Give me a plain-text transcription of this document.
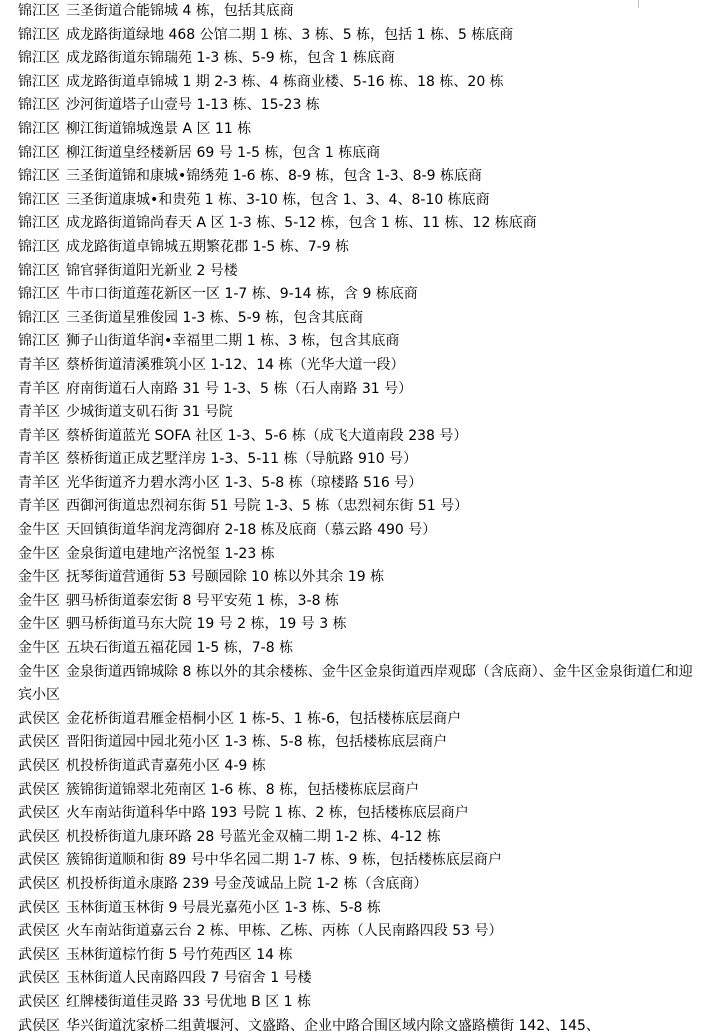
锦江区 三圣街道合能锦城 4 栋，包括其底商
锦江区 成龙路街道绿地 468 公馆二期 1 栋、3 栋、5 栋，包括 1 栋、5 栋底商
锦江区 成龙路街道东锦瑞苑 1-3 栋、5-9 栋，包含 1 栋底商
锦江区 成龙路街道卓锦城 1 期 2-3 栋、4 栋商业楼、5-16 栋、18 栋、20 栋
锦江区 沙河街道塔子山壹号 1-13 栋、15-23 栋
锦江区 柳江街道锦城逸景 A 区 11 栋
锦江区 柳江街道皇经楼新居 69 号 1-5 栋，包含 1 栋底商
锦江区 三圣街道锦和康城•锦绣苑 1-6 栋、8-9 栋，包含 1-3、8-9 栋底商
锦江区 三圣街道康城•和贵苑 1 栋、3-10 栋，包含 1、3、4、8-10 栋底商
锦江区 成龙路街道锦尚春天 A 区 1-3 栋、5-12 栋，包含 1 栋、11 栋、12 栋底商
锦江区 成龙路街道卓锦城五期繁花郡 1-5 栋、7-9 栋
锦江区 锦官驿街道阳光新业 2 号楼
锦江区 牛市口街道莲花新区一区 1-7 栋、9-14 栋，含 9 栋底商
锦江区 三圣街道星雅俊园 1-3 栋、5-9 栋，包含其底商
锦江区 狮子山街道华润•幸福里二期 1 栋、3 栋，包含其底商
青羊区 蔡桥街道清溪雅筑小区 1-12、14 栋（光华大道一段）
青羊区 府南街道石人南路 31 号 1-3、5 栋（石人南路 31 号）
青羊区 少城街道支矶石街 31 号院
青羊区 蔡桥街道蓝光 SOFA 社区 1-3、5-6 栋（成飞大道南段 238 号）
青羊区 蔡桥街道正成艺墅洋房 1-3、5-11 栋（导航路 910 号）
青羊区 光华街道齐力碧水湾小区 1-3、5-8 栋（琼楼路 516 号）
青羊区 西御河街道忠烈祠东街 51 号院 1-3、5 栋（忠烈祠东街 51 号）
金牛区 天回镇街道华润龙湾御府 2-18 栋及底商（慕云路 490 号）
金牛区 金泉街道电建地产洺悦玺 1-23 栋
金牛区 抚琴街道营通街 53 号颐园除 10 栋以外其余 19 栋
金牛区 驷马桥街道泰宏街 8 号平安苑 1 栋，3-8 栋
金牛区 驷马桥街道马东大院 19 号 2 栋，19 号 3 栋
金牛区 五块石街道五福花园 1-5 栋，7-8 栋
金牛区 金泉街道西锦城除 8 栋以外的其余楼栋、金牛区金泉街道西岸观邸（含底商）、金牛区金泉街道仁和迎宾小区
武侯区 金花桥街道君雁金梧桐小区 1 栋-5、1 栋-6，包括楼栋底层商户
武侯区 晋阳街道园中园北苑小区 1-3 栋、5-8 栋，包括楼栋底层商户
武侯区 机投桥街道武青嘉苑小区 4-9 栋
武侯区 簇锦街道锦翠北苑南区 1-6 栋、8 栋，包括楼栋底层商户
武侯区 火车南站街道科华中路 193 号院 1 栋、2 栋，包括楼栋底层商户
武侯区 机投桥街道九康环路 28 号蓝光金双楠二期 1-2 栋、4-12 栋
武侯区 簇锦街道顺和街 89 号中华名园二期 1-7 栋、9 栋，包括楼栋底层商户
武侯区 机投桥街道永康路 239 号金茂诚品上院 1-2 栋（含底商）
武侯区 玉林街道玉林街 9 号晨光嘉苑小区 1-3 栋、5-8 栋
武侯区 火车南站街道嘉云台 2 栋、甲栋、乙栋、丙栋（人民南路四段 53 号）
武侯区 玉林街道棕竹街 5 号竹苑西区 14 栋
武侯区 玉林街道人民南路四段 7 号宿舍 1 号楼
武侯区 红牌楼街道佳灵路 33 号优地 B 区 1 栋
武侯区 华兴街道沈家桥二组黄堰河、文盛路、企业中路合围区域内除文盛路横街 142、145、
